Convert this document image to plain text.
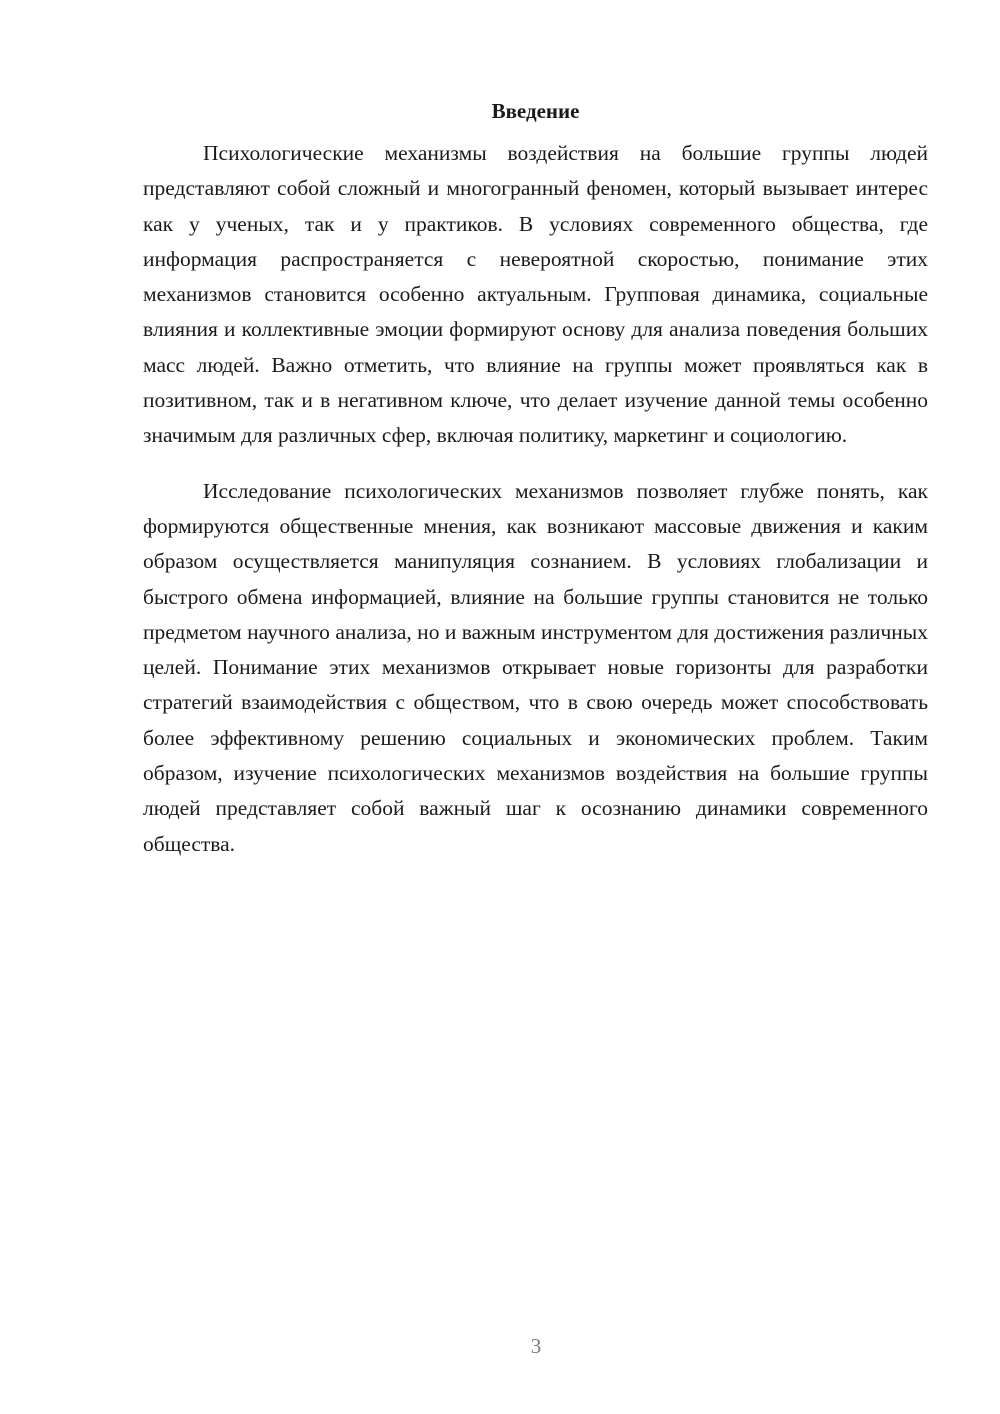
Введение

Психологические механизмы воздействия на большие группы людей представляют собой сложный и многогранный феномен, который вызывает интерес как у ученых, так и у практиков. В условиях современного общества, где информация распространяется с невероятной скоростью, понимание этих механизмов становится особенно актуальным. Групповая динамика, социальные влияния и коллективные эмоции формируют основу для анализа поведения больших масс людей. Важно отметить, что влияние на группы может проявляться как в позитивном, так и в негативном ключе, что делает изучение данной темы особенно значимым для различных сфер, включая политику, маркетинг и социологию.

Исследование психологических механизмов позволяет глубже понять, как формируются общественные мнения, как возникают массовые движения и каким образом осуществляется манипуляция сознанием. В условиях глобализации и быстрого обмена информацией, влияние на большие группы становится не только предметом научного анализа, но и важным инструментом для достижения различных целей. Понимание этих механизмов открывает новые горизонты для разработки стратегий взаимодействия с обществом, что в свою очередь может способствовать более эффективному решению социальных и экономических проблем. Таким образом, изучение психологических механизмов воздействия на большие группы людей представляет собой важный шаг к осознанию динамики современного общества.

3
